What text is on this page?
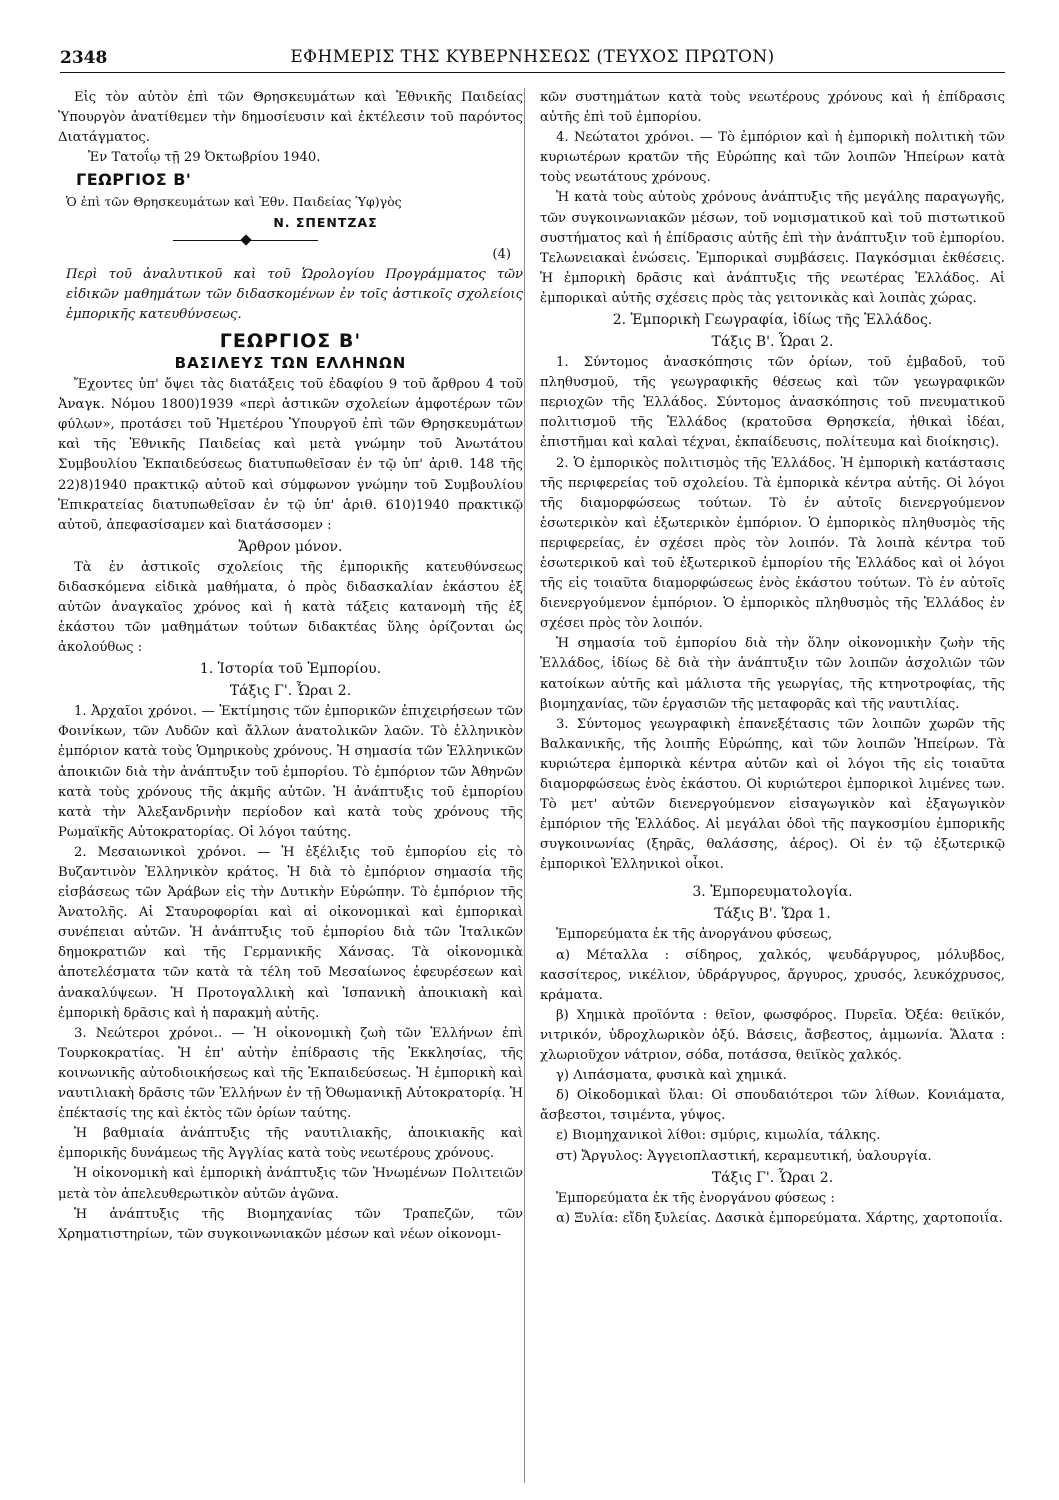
2348	ΕΦΗΜΕΡΙΣ ΤΗΣ ΚΥΒΕΡΝΗΣΕΩΣ (ΤΕΥΧΟΣ ΠΡΩΤΟΝ)

Εἰς τὸν αὐτὸν ἐπὶ τῶν Θρησκευμάτων καὶ Ἐθνικῆς Παιδείας Ὑπουργὸν ἀνατίθεμεν τὴν δημοσίευσιν καὶ ἐκτέλεσιν τοῦ παρόντος Διατάγματος.

Ἐν Τατοΐῳ τῇ 29 Ὀκτωβρίου 1940.

ΓΕΩΡΓΙΟΣ Β'

Ὁ ἐπὶ τῶν Θρησκευμάτων καὶ Ἐθν. Παιδείας Ὑφ)γὸς

Ν. ΣΠΕΝΤΖΑΣ

(4)

Περὶ τοῦ ἀναλυτικοῦ καὶ τοῦ Ὡρολογίου Προγράμματος τῶν εἰδικῶν μαθημάτων τῶν διδασκομένων ἐν τοῖς ἀστικοῖς σχολείοις ἐμπορικῆς κατευθύνσεως.

ΓΕΩΡΓΙΟΣ Β'

ΒΑΣΙΛΕΥΣ ΤΩΝ ΕΛΛΗΝΩΝ

Ἔχοντες ὑπ' ὄψει τὰς διατάξεις τοῦ ἐδαφίου 9 τοῦ ἄρθρου 4 τοῦ Ἀναγκ. Νόμου 1800)1939 «περὶ ἀστικῶν σχολείων ἀμφοτέρων τῶν φύλων», προτάσει τοῦ Ἡμετέρου Ὑπουργοῦ ἐπὶ τῶν Θρησκευμάτων καὶ τῆς Ἐθνικῆς Παιδείας καὶ μετὰ γνώμην τοῦ Ἀνωτάτου Συμβουλίου Ἐκπαιδεύσεως διατυπωθεῖσαν ἐν τῷ ὑπ' ἀριθ. 148 τῆς 22)8)1940 πρακτικῷ αὐτοῦ καὶ σύμφωνον γνώμην τοῦ Συμβουλίου Ἐπικρατείας διατυπωθεῖσαν ἐν τῷ ὑπ' ἀριθ. 610)1940 πρακτικῷ αὐτοῦ, ἀπεφασίσαμεν καὶ διατάσσομεν :

Ἄρθρον μόνον.

Τὰ ἐν ἀστικοῖς σχολείοις τῆς ἐμπορικῆς κατευθύνσεως διδασκόμενα εἰδικὰ μαθήματα, ὁ πρὸς διδασκαλίαν ἑκάστου ἐξ αὐτῶν ἀναγκαῖος χρόνος καὶ ἡ κατὰ τάξεις κατανομὴ τῆς ἐξ ἑκάστου τῶν μαθημάτων τούτων διδακτέας ὕλης ὁρίζονται ὡς ἀκολούθως :

1. Ἱστορία τοῦ Ἐμπορίου.

Τάξις Γ'. Ὧραι 2.

1. Ἀρχαῖοι χρόνοι. — Ἐκτίμησις τῶν ἐμπορικῶν ἐπιχειρήσεων τῶν Φοινίκων, τῶν Λυδῶν καὶ ἄλλων ἀνατολικῶν λαῶν. Τὸ ἑλληνικὸν ἐμπόριον κατὰ τοὺς Ὁμηρικοὺς χρόνους. Ἡ σημασία τῶν Ἑλληνικῶν ἀποικιῶν διὰ τὴν ἀνάπτυξιν τοῦ ἐμπορίου. Τὸ ἐμπόριον τῶν Ἀθηνῶν κατὰ τοὺς χρόνους τῆς ἀκμῆς αὐτῶν. Ἡ ἀνάπτυξις τοῦ ἐμπορίου κατὰ τὴν Ἀλεξανδρινὴν περίοδον καὶ κατὰ τοὺς χρόνους τῆς Ρωμαϊκῆς Αὐτοκρατορίας. Οἱ λόγοι ταύτης.

2. Μεσαιωνικοὶ χρόνοι. — Ἡ ἐξέλιξις τοῦ ἐμπορίου εἰς τὸ Βυζαντινὸν Ἑλληνικὸν κράτος. Ἡ διὰ τὸ ἐμπόριον σημασία τῆς εἰσβάσεως τῶν Ἀράβων εἰς τὴν Δυτικὴν Εὐρώπην. Τὸ ἐμπόριον τῆς Ἀνατολῆς. Αἱ Σταυροφορίαι καὶ αἱ οἰκονομικαὶ καὶ ἐμπορικαὶ συνέπειαι αὐτῶν. Ἡ ἀνάπτυξις τοῦ ἐμπορίου διὰ τῶν Ἰταλικῶν δημοκρατιῶν καὶ τῆς Γερμανικῆς Χάνσας. Τὰ οἰκονομικὰ ἀποτελέσματα τῶν κατὰ τὰ τέλη τοῦ Μεσαίωνος ἐφευρέσεων καὶ ἀνακαλύψεων. Ἡ Προτογαλλικὴ καὶ Ἰσπανικὴ ἀποικιακὴ καὶ ἐμπορικὴ δρᾶσις καὶ ἡ παρακμὴ αὐτῆς.

3. Νεώτεροι χρόνοι.. — Ἡ οἰκονομικὴ ζωὴ τῶν Ἑλλήνων ἐπὶ Τουρκοκρατίας. Ἡ ἐπ' αὐτὴν ἐπίδρασις τῆς Ἐκκλησίας, τῆς κοινωνικῆς αὐτοδιοικήσεως καὶ τῆς Ἐκπαιδεύσεως. Ἡ ἐμπορικὴ καὶ ναυτιλιακὴ δρᾶσις τῶν Ἑλλήνων ἐν τῇ Ὀθωμανικῇ Αὐτοκρατορίᾳ. Ἡ ἐπέκτασίς της καὶ ἐκτὸς τῶν ὁρίων ταύτης.

Ἡ βαθμιαία ἀνάπτυξις τῆς ναυτιλιακῆς, ἀποικιακῆς καὶ ἐμπορικῆς δυνάμεως τῆς Ἀγγλίας κατὰ τοὺς νεωτέρους χρόνους.

Ἡ οἰκονομικὴ καὶ ἐμπορικὴ ἀνάπτυξις τῶν Ἡνωμένων Πολιτειῶν μετὰ τὸν ἀπελευθερωτικὸν αὐτῶν ἀγῶνα.

Ἡ ἀνάπτυξις τῆς Βιομηχανίας τῶν Τραπεζῶν, τῶν Χρηματιστηρίων, τῶν συγκοινωνιακῶν μέσων καὶ νέων οἰκονομι-

κῶν συστημάτων κατὰ τοὺς νεωτέρους χρόνους καὶ ἡ ἐπίδρασις αὐτῆς ἐπὶ τοῦ ἐμπορίου.

4. Νεώτατοι χρόνοι. — Τὸ ἐμπόριον καὶ ἡ ἐμπορικὴ πολιτικὴ τῶν κυριωτέρων κρατῶν τῆς Εὐρώπης καὶ τῶν λοιπῶν Ἠπείρων κατὰ τοὺς νεωτάτους χρόνους.

Ἡ κατὰ τοὺς αὐτοὺς χρόνους ἀνάπτυξις τῆς μεγάλης παραγωγῆς, τῶν συγκοινωνιακῶν μέσων, τοῦ νομισματικοῦ καὶ τοῦ πιστωτικοῦ συστήματος καὶ ἡ ἐπίδρασις αὐτῆς ἐπὶ τὴν ἀνάπτυξιν τοῦ ἐμπορίου. Τελωνειακαὶ ἑνώσεις. Ἐμπορικαὶ συμβάσεις. Παγκόσμιαι ἐκθέσεις. Ἡ ἐμπορικὴ δρᾶσις καὶ ἀνάπτυξις τῆς νεωτέρας Ἑλλάδος. Αἱ ἐμπορικαὶ αὐτῆς σχέσεις πρὸς τὰς γειτονικὰς καὶ λοιπὰς χώρας.

2. Ἐμπορικὴ Γεωγραφία, ἰδίως τῆς Ἑλλάδος.

Τάξις Β'. Ὧραι 2.

1. Σύντομος ἀνασκόπησις τῶν ὁρίων, τοῦ ἐμβαδοῦ, τοῦ πληθυσμοῦ, τῆς γεωγραφικῆς θέσεως καὶ τῶν γεωγραφικῶν περιοχῶν τῆς Ἑλλάδος. Σύντομος ἀνασκόπησις τοῦ πνευματικοῦ πολιτισμοῦ τῆς Ἑλλάδος (κρατοῦσα Θρησκεία, ἠθικαὶ ἰδέαι, ἐπιστῆμαι καὶ καλαὶ τέχναι, ἐκπαίδευσις, πολίτευμα καὶ διοίκησις).

2. Ὁ ἐμπορικὸς πολιτισμὸς τῆς Ἑλλάδος. Ἡ ἐμπορικὴ κατάστασις τῆς περιφερείας τοῦ σχολείου. Τὰ ἐμπορικὰ κέντρα αὐτῆς. Οἱ λόγοι τῆς διαμορφώσεως τούτων. Τὸ ἐν αὐτοῖς διενεργούμενον ἐσωτερικὸν καὶ ἐξωτερικὸν ἐμπόριον. Ὁ ἐμπορικὸς πληθυσμὸς τῆς περιφερείας, ἐν σχέσει πρὸς τὸν λοιπόν. Τὰ λοιπὰ κέντρα τοῦ ἐσωτερικοῦ καὶ τοῦ ἐξωτερικοῦ ἐμπορίου τῆς Ἑλλάδος καὶ οἱ λόγοι τῆς εἰς τοιαῦτα διαμορφώσεως ἑνὸς ἑκάστου τούτων. Τὸ ἐν αὐτοῖς διενεργούμενον ἐμπόριον. Ὁ ἐμπορικὸς πληθυσμὸς τῆς Ἑλλάδος ἐν σχέσει πρὸς τὸν λοιπόν.

Ἡ σημασία τοῦ ἐμπορίου διὰ τὴν ὅλην οἰκονομικὴν ζωὴν τῆς Ἑλλάδος, ἰδίως δὲ διὰ τὴν ἀνάπτυξιν τῶν λοιπῶν ἀσχολιῶν τῶν κατοίκων αὐτῆς καὶ μάλιστα τῆς γεωργίας, τῆς κτηνοτροφίας, τῆς βιομηχανίας, τῶν ἐργασιῶν τῆς μεταφορᾶς καὶ τῆς ναυτιλίας.

3. Σύντομος γεωγραφικὴ ἐπανεξέτασις τῶν λοιπῶν χωρῶν τῆς Βαλκανικῆς, τῆς λοιπῆς Εὐρώπης, καὶ τῶν λοιπῶν Ἠπείρων. Τὰ κυριώτερα ἐμπορικὰ κέντρα αὐτῶν καὶ οἱ λόγοι τῆς εἰς τοιαῦτα διαμορφώσεως ἑνὸς ἑκάστου. Οἱ κυριώτεροι ἐμπορικοὶ λιμένες των. Τὸ μετ' αὐτῶν διενεργούμενον εἰσαγωγικὸν καὶ ἐξαγωγικὸν ἐμπόριον τῆς Ἑλλάδος. Αἱ μεγάλαι ὁδοὶ τῆς παγκοσμίου ἐμπορικῆς συγκοινωνίας (ξηρᾶς, θαλάσσης, ἀέρος). Οἱ ἐν τῷ ἐξωτερικῷ ἐμπορικοὶ Ἑλληνικοὶ οἶκοι.

3. Ἐμπορευματολογία.

Τάξις Β'. Ὥρα 1.

Ἐμπορεύματα ἐκ τῆς ἀνοργάνου φύσεως,

α) Μέταλλα : σίδηρος, χαλκός, ψευδάργυρος, μόλυβδος, κασσίτερος, νικέλιον, ὑδράργυρος, ἄργυρος, χρυσός, λευκόχρυσος, κράματα.

β) Χημικὰ προϊόντα : θεῖον, φωσφόρος. Πυρεῖα. Ὀξέα: θειϊκόν, νιτρικόν, ὑδροχλωρικὸν ὀξύ. Βάσεις, ἄσβεστος, ἀμμωνία. Ἅλατα : χλωριοῦχον νάτριον, σόδα, ποτάσσα, θειϊκὸς χαλκός.

γ) Λιπάσματα, φυσικὰ καὶ χημικά.

δ) Οἰκοδομικαὶ ὕλαι: Οἱ σπουδαιότεροι τῶν λίθων. Κονιάματα, ἄσβεστοι, τσιμέντα, γύψος.

ε) Βιομηχανικοὶ λίθοι: σμύρις, κιμωλία, τάλκης.

στ) Ἄργυλος: Ἀγγειοπλαστική, κεραμευτική, ὑαλουργία.

Τάξις Γ'. Ὧραι 2.

Ἐμπορεύματα ἐκ τῆς ἐνοργάνου φύσεως :

α) Ξυλία: εἴδη ξυλείας. Δασικὰ ἐμπορεύματα. Χάρτης, χαρτοποιΐα.
